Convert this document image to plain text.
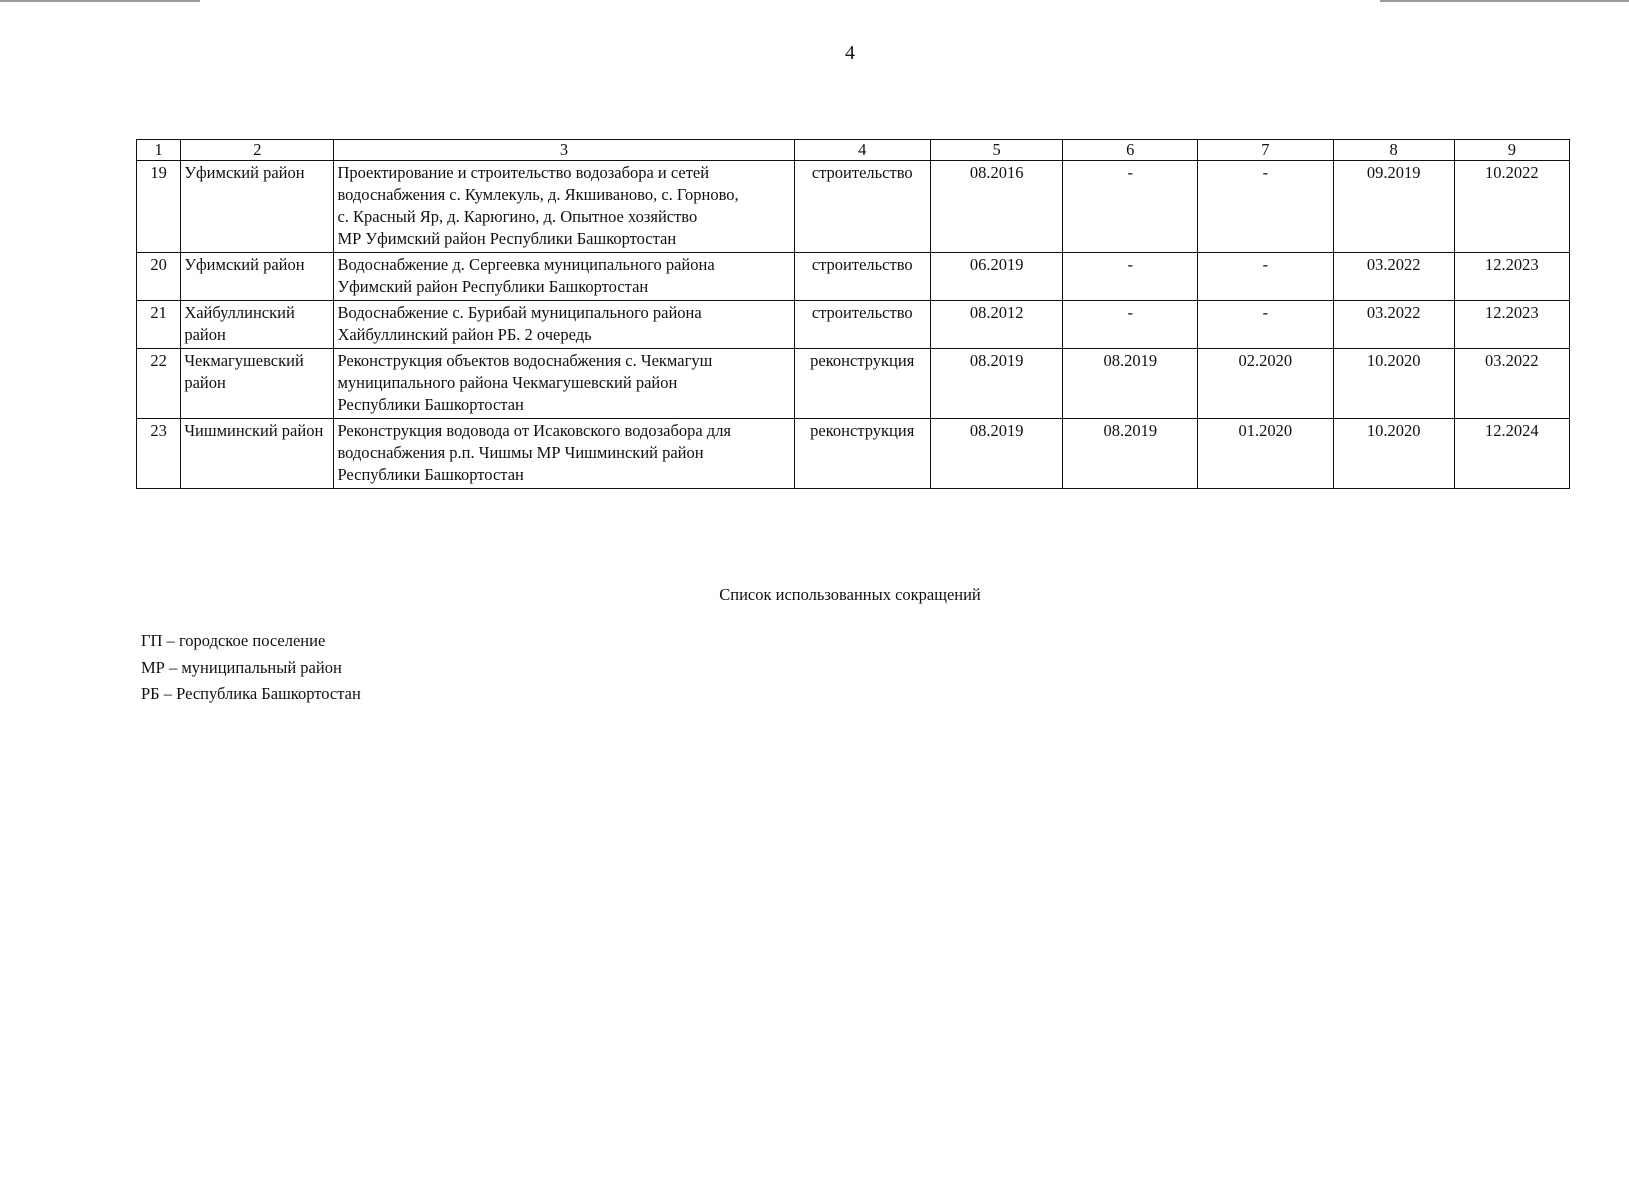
4
1	2	3	4	5	6	7	8	9
19	Уфимский район	Проектирование и строительство водозабора и сетей
водоснабжения с. Кумлекуль, д. Якшиваново, с. Горново,
с. Красный Яр, д. Карюгино, д. Опытное хозяйство
МР Уфимский район Республики Башкортостан	строительство	08.2016	-	-	09.2019	10.2022
20	Уфимский район	Водоснабжение д. Сергеевка муниципального района
Уфимский район Республики Башкортостан	строительство	06.2019	-	-	03.2022	12.2023
21	Хайбуллинский
район	Водоснабжение с. Бурибай муниципального района
Хайбуллинский район РБ. 2 очередь	строительство	08.2012	-	-	03.2022	12.2023
22	Чекмагушевский
район	Реконструкция объектов водоснабжения с. Чекмагуш
муниципального района Чекмагушевский район
Республики Башкортостан	реконструкция	08.2019	08.2019	02.2020	10.2020	03.2022
23	Чишминский район	Реконструкция водовода от Исаковского водозабора для
водоснабжения р.п. Чишмы МР Чишминский район
Республики Башкортостан	реконструкция	08.2019	08.2019	01.2020	10.2020	12.2024
Список использованных сокращений
ГП – городское поселение
МР – муниципальный район
РБ – Республика Башкортостан
